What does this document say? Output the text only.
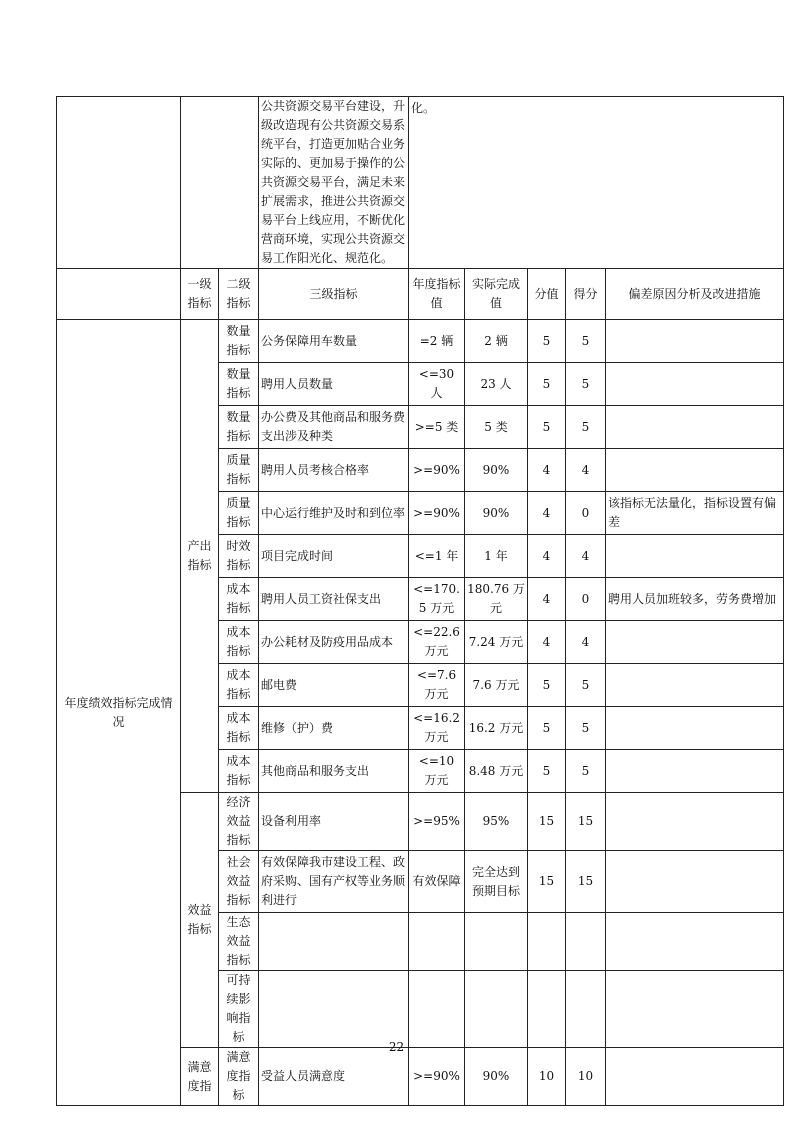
			公共资源交易平台建设，升级改造现有公共资源交易系统平台，打造更加贴合业务实际的、更加易于操作的公共资源交易平台，满足未来扩展需求，推进公共资源交易平台上线应用，不断优化营商环境，实现公共资源交易工作阳光化、规范化。	化。				
	一级指标	二级指标	三级指标	年度指标值	实际完成值	分值	得分	偏差原因分析及改进措施
年度绩效指标完成情况	产出指标	数量指标	公务保障用车数量	=2 辆	2 辆	5	5	
		数量指标	聘用人员数量	<=30 人	23 人	5	5	
		数量指标	办公费及其他商品和服务费支出涉及种类	>=5 类	5 类	5	5	
		质量指标	聘用人员考核合格率	>=90%	90%	4	4	
		质量指标	中心运行维护及时和到位率	>=90%	90%	4	0	该指标无法量化，指标设置有偏差
		时效指标	项目完成时间	<=1 年	1 年	4	4	
		成本指标	聘用人员工资社保支出	<=170.5 万元	180.76 万元	4	0	聘用人员加班较多，劳务费增加
		成本指标	办公耗材及防疫用品成本	<=22.6 万元	7.24 万元	4	4	
		成本指标	邮电费	<=7.6 万元	7.6 万元	5	5	
		成本指标	维修（护）费	<=16.2 万元	16.2 万元	5	5	
		成本指标	其他商品和服务支出	<=10 万元	8.48 万元	5	5	
	效益指标	经济效益指标	设备利用率	>=95%	95%	15	15	
		社会效益指标	有效保障我市建设工程、政府采购、国有产权等业务顺利进行	有效保障	完全达到预期目标	15	15	
		生态效益指标						
		可持续影响指标						
	满意度指	满意度指标	受益人员满意度	>=90%	90%	10	10	
22
